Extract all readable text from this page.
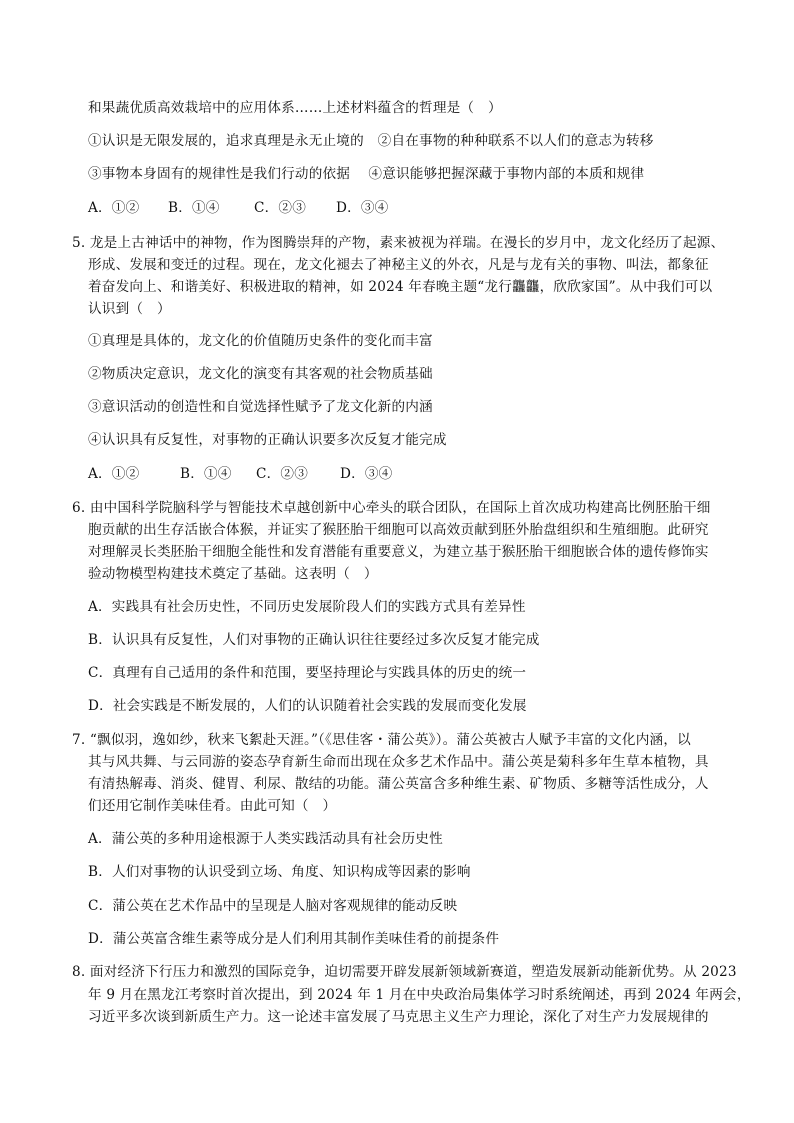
和果蔬优质高效栽培中的应用体系……上述材料蕴含的哲理是（　）
①认识是无限发展的，追求真理是永无止境的　②自在事物的种种联系不以人们的意志为转移
③事物本身固有的规律性是我们行动的依据　 ④意识能够把握深藏于事物内部的本质和规律
A．①② B．①④	C．②③ D．③④
5. 龙是上古神话中的神物，作为图腾崇拜的产物，素来被视为祥瑞。在漫长的岁月中，龙文化经历了起源、
形成、发展和变迁的过程。现在，龙文化褪去了神秘主义的外衣，凡是与龙有关的事物、叫法，都象征
着奋发向上、和谐美好、积极进取的精神，如 2024 年春晚主题“龙行龘龘，欣欣家国”。从中我们可以
认识到（　）
①真理是具体的，龙文化的价值随历史条件的变化而丰富
②物质决定意识，龙文化的演变有其客观的社会物质基础
③意识活动的创造性和自觉选择性赋予了龙文化新的内涵
④认识具有反复性，对事物的正确认识要多次反复才能完成
A．①②	B．①④ C．②③ D．③④
6. 由中国科学院脑科学与智能技术卓越创新中心牵头的联合团队，在国际上首次成功构建高比例胚胎干细
胞贡献的出生存活嵌合体猴，并证实了猴胚胎干细胞可以高效贡献到胚外胎盘组织和生殖细胞。此研究
对理解灵长类胚胎干细胞全能性和发育潜能有重要意义，为建立基于猴胚胎干细胞嵌合体的遗传修饰实
验动物模型构建技术奠定了基础。这表明（　）
A．实践具有社会历史性，不同历史发展阶段人们的实践方式具有差异性
B．认识具有反复性，人们对事物的正确认识往往要经过多次反复才能完成
C．真理有自己适用的条件和范围，要坚持理论与实践具体的历史的统一
D．社会实践是不断发展的，人们的认识随着社会实践的发展而变化发展
7. “飘似羽，逸如纱，秋来飞絮赴天涯。”（《思佳客・蒲公英》）。蒲公英被古人赋予丰富的文化内涵，以
其与风共舞、与云同游的姿态孕育新生命而出现在众多艺术作品中。蒲公英是菊科多年生草本植物，具
有清热解毒、消炎、健胃、利尿、散结的功能。蒲公英富含多种维生素、矿物质、多糖等活性成分，人
们还用它制作美味佳肴。由此可知（　）
A．蒲公英的多种用途根源于人类实践活动具有社会历史性
B．人们对事物的认识受到立场、角度、知识构成等因素的影响
C．蒲公英在艺术作品中的呈现是人脑对客观规律的能动反映
D．蒲公英富含维生素等成分是人们利用其制作美味佳肴的前提条件
8. 面对经济下行压力和激烈的国际竞争，迫切需要开辟发展新领域新赛道，塑造发展新动能新优势。从 2023
年 9 月在黑龙江考察时首次提出，到 2024 年 1 月在中央政治局集体学习时系统阐述，再到 2024 年两会，
习近平多次谈到新质生产力。这一论述丰富发展了马克思主义生产力理论，深化了对生产力发展规律的
